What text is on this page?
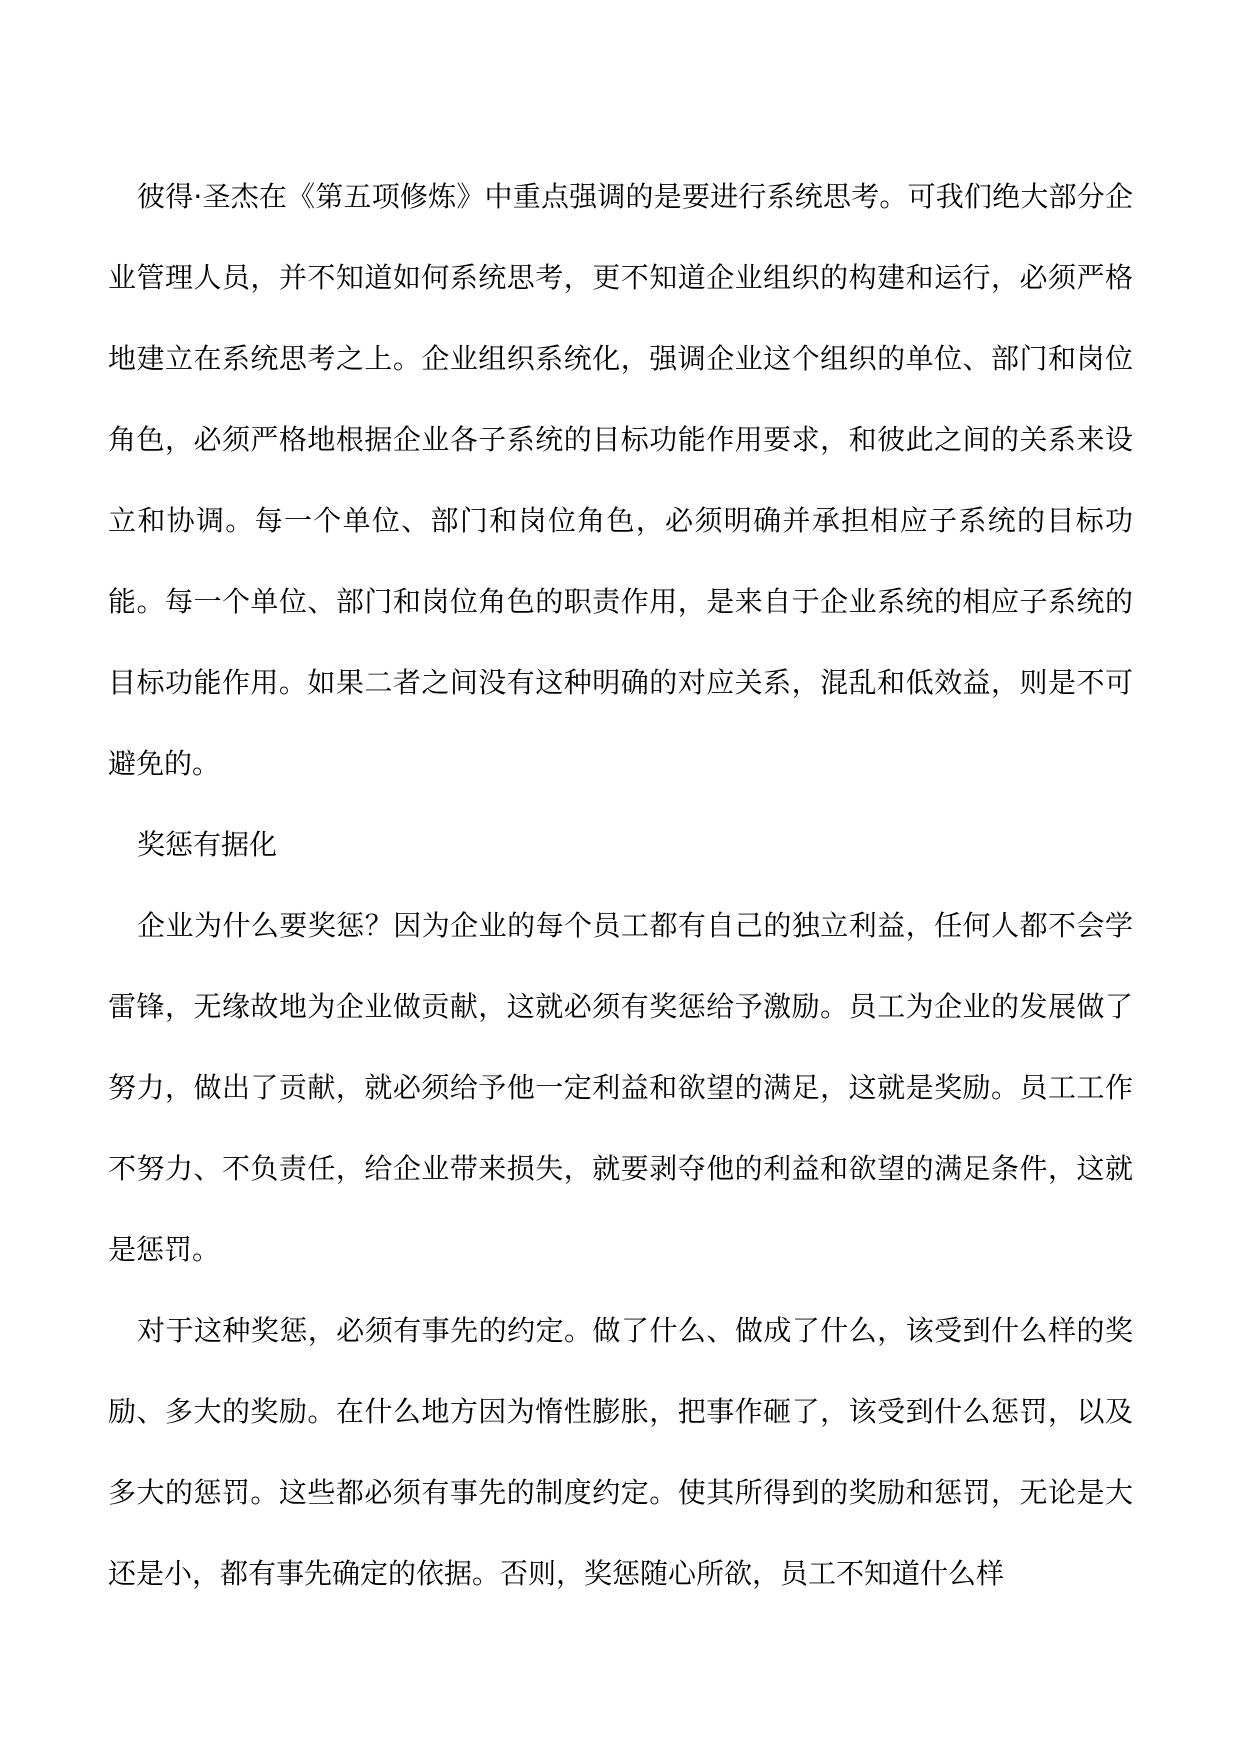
彼得·圣杰在《第五项修炼》中重点强调的是要进行系统思考。可我们绝大部分企业管理人员，并不知道如何系统思考，更不知道企业组织的构建和运行，必须严格地建立在系统思考之上。企业组织系统化，强调企业这个组织的单位、部门和岗位角色，必须严格地根据企业各子系统的目标功能作用要求，和彼此之间的关系来设立和协调。每一个单位、部门和岗位角色，必须明确并承担相应子系统的目标功能。每一个单位、部门和岗位角色的职责作用，是来自于企业系统的相应子系统的目标功能作用。如果二者之间没有这种明确的对应关系，混乱和低效益，则是不可避免的。

奖惩有据化

企业为什么要奖惩？因为企业的每个员工都有自己的独立利益，任何人都不会学雷锋，无缘故地为企业做贡献，这就必须有奖惩给予激励。员工为企业的发展做了努力，做出了贡献，就必须给予他一定利益和欲望的满足，这就是奖励。员工工作不努力、不负责任，给企业带来损失，就要剥夺他的利益和欲望的满足条件，这就是惩罚。

对于这种奖惩，必须有事先的约定。做了什么、做成了什么，该受到什么样的奖励、多大的奖励。在什么地方因为惰性膨胀，把事作砸了，该受到什么惩罚，以及多大的惩罚。这些都必须有事先的制度约定。使其所得到的奖励和惩罚，无论是大还是小，都有事先确定的依据。否则，奖惩随心所欲，员工不知道什么样
